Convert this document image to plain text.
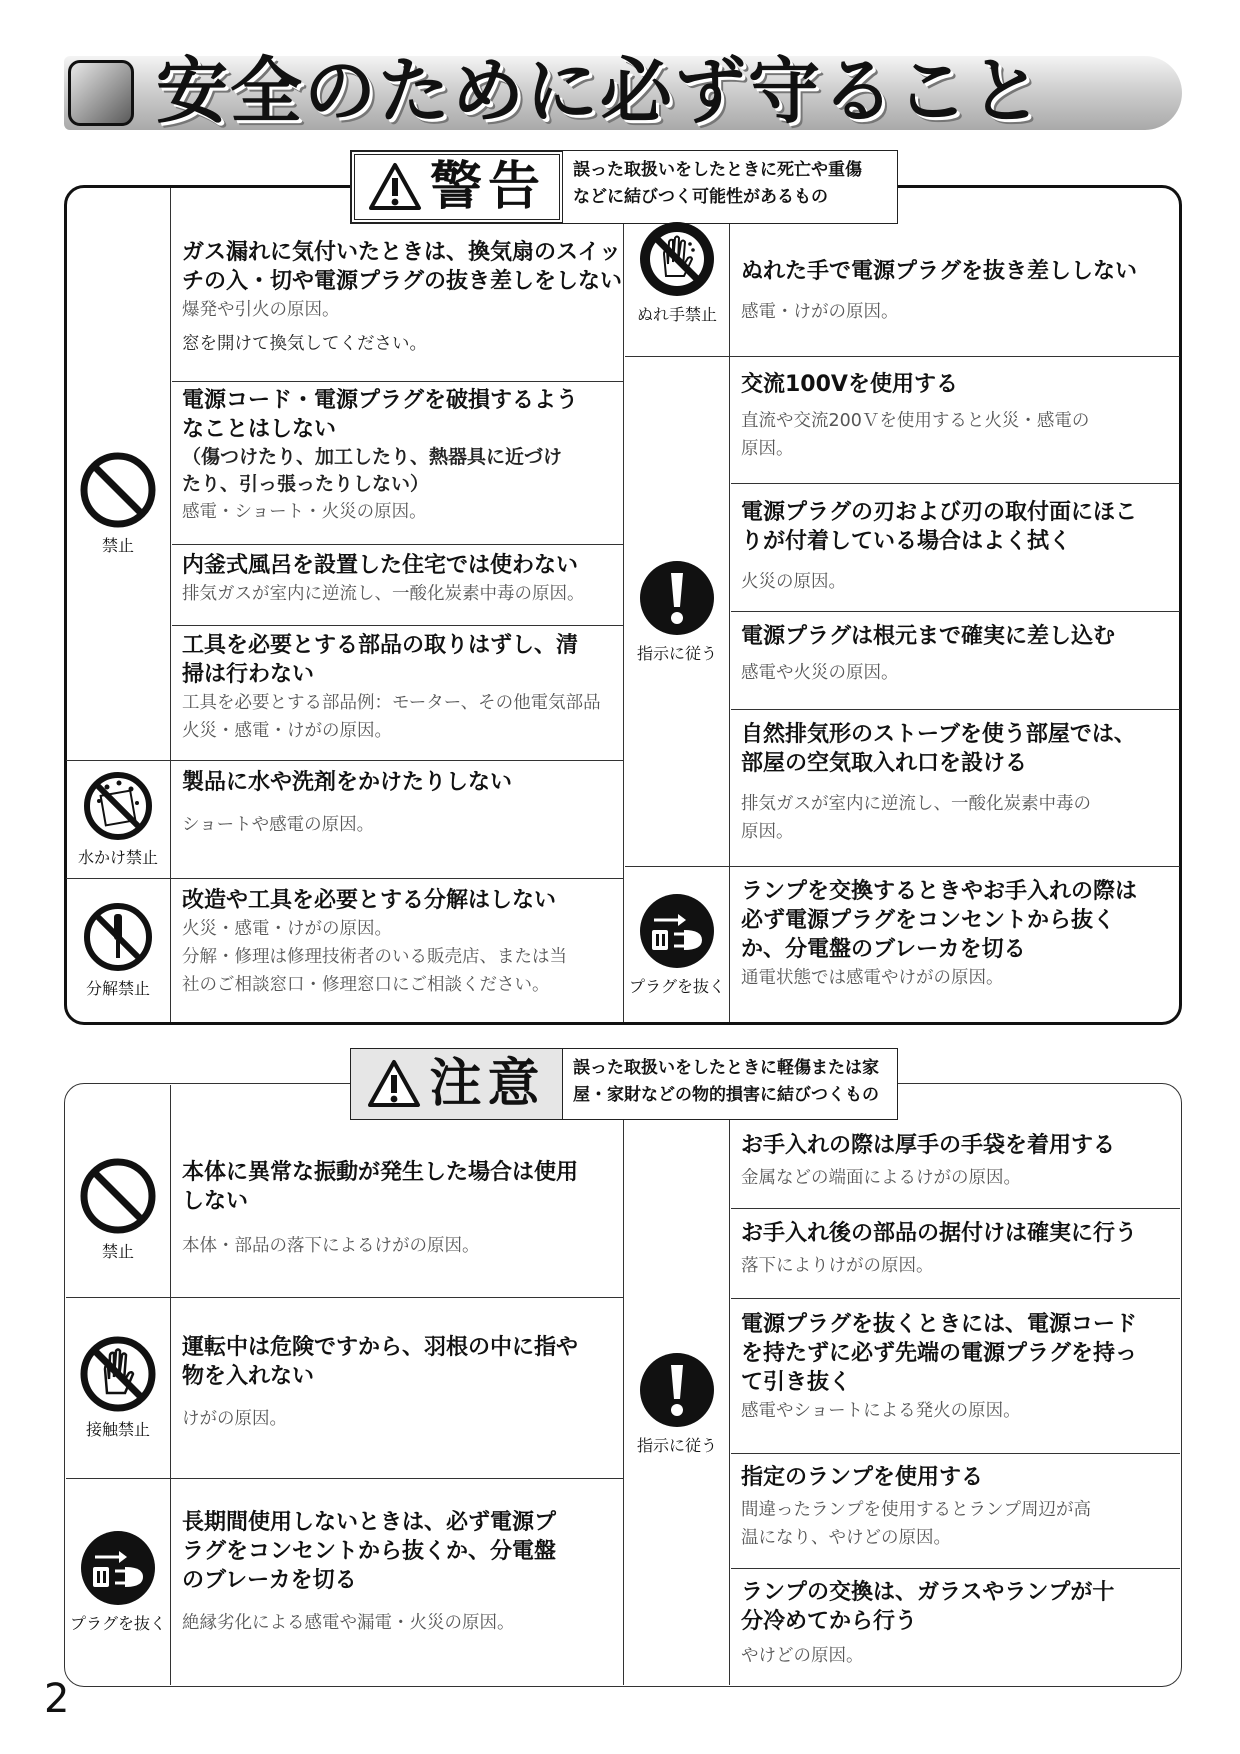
安全のために必ず守ること
警告 誤った取扱いをしたときに死亡や重傷
などに結びつく可能性があるもの
禁止
水かけ禁止
分解禁止
ぬれ手禁止
指示に従う
プラグを抜く

ガス漏れに気付いたときは、換気扇のスイッ

チの入・切や電源プラグの抜き差しをしない

爆発や引火の原因。

窓を開けて換気してください。

電源コード・電源プラグを破損するよう

なことはしない

（傷つけたり、加工したり、熱器具に近づけ

たり、引っ張ったりしない）

感電・ショート・火災の原因。

内釜式風呂を設置した住宅では使わない

排気ガスが室内に逆流し、一酸化炭素中毒の原因。

工具を必要とする部品の取りはずし、清

掃は行わない

工具を必要とする部品例：モーター、その他電気部品

火災・感電・けがの原因。

製品に水や洗剤をかけたりしない

ショートや感電の原因。

改造や工具を必要とする分解はしない

火災・感電・けがの原因。

分解・修理は修理技術者のいる販売店、または当

社のご相談窓口・修理窓口にご相談ください。

ぬれた手で電源プラグを抜き差ししない

感電・けがの原因。

交流100Vを使用する

直流や交流200Ｖを使用すると火災・感電の

原因。

電源プラグの刃および刃の取付面にほこ

りが付着している場合はよく拭く

火災の原因。

電源プラグは根元まで確実に差し込む

感電や火災の原因。

自然排気形のストーブを使う部屋では、

部屋の空気取入れ口を設ける

排気ガスが室内に逆流し、一酸化炭素中毒の

原因。

ランプを交換するときやお手入れの際は

必ず電源プラグをコンセントから抜く

か、分電盤のブレーカを切る

通電状態では感電やけがの原因。

注意 誤った取扱いをしたときに軽傷または家
屋・家財などの物的損害に結びつくもの
禁止
接触禁止
プラグを抜く
指示に従う

本体に異常な振動が発生した場合は使用

しない

本体・部品の落下によるけがの原因。

運転中は危険ですから、羽根の中に指や

物を入れない

けがの原因。

長期間使用しないときは、必ず電源プ

ラグをコンセントから抜くか、分電盤

のブレーカを切る

絶縁劣化による感電や漏電・火災の原因。

お手入れの際は厚手の手袋を着用する

金属などの端面によるけがの原因。

お手入れ後の部品の据付けは確実に行う

落下によりけがの原因。

電源プラグを抜くときには、電源コード

を持たずに必ず先端の電源プラグを持っ

て引き抜く

感電やショートによる発火の原因。

指定のランプを使用する

間違ったランプを使用するとランプ周辺が高

温になり、やけどの原因。

ランプの交換は、ガラスやランプが十

分冷めてから行う

やけどの原因。

2
